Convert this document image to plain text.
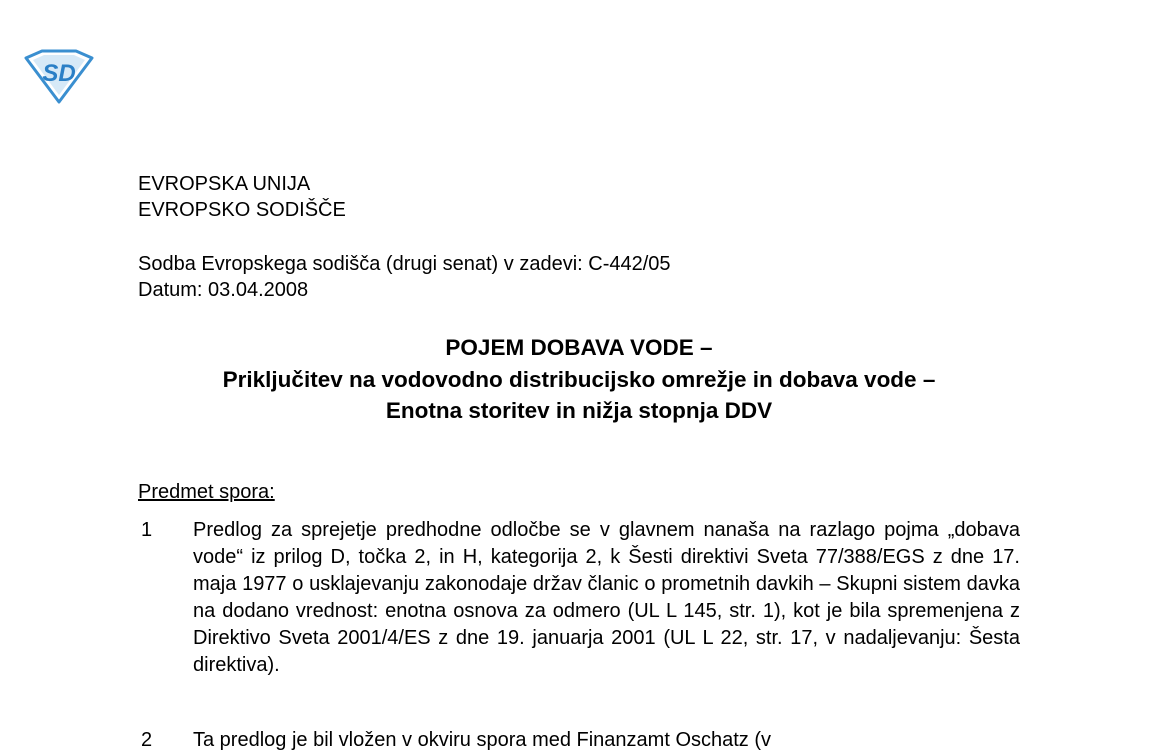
SD
EVROPSKA UNIJA
EVROPSKO SODIŠČE
Sodba Evropskega sodišča (drugi senat) v zadevi: C-442/05
Datum: 03.04.2008
POJEM DOBAVA VODE –
Priključitev na vodovodno distribucijsko omrežje in dobava vode –
Enotna storitev in nižja stopnja DDV
Predmet spora:
1 Predlog za sprejetje predhodne odločbe se v glavnem nanaša na razlago pojma „dobava vode“ iz prilog D, točka 2, in H, kategorija 2, k Šesti direktivi Sveta 77/388/EGS z dne 17. maja 1977 o usklajevanju zakonodaje držav članic o prometnih davkih – Skupni sistem davka na dodano vrednost: enotna osnova za odmero (UL L 145, str. 1), kot je bila spremenjena z Direktivo Sveta 2001/4/ES z dne 19. januarja 2001 (UL L 22, str. 17, v nadaljevanju: Šesta direktiva).
2 Ta predlog je bil vložen v okviru spora med Finanzamt Oschatz (v
